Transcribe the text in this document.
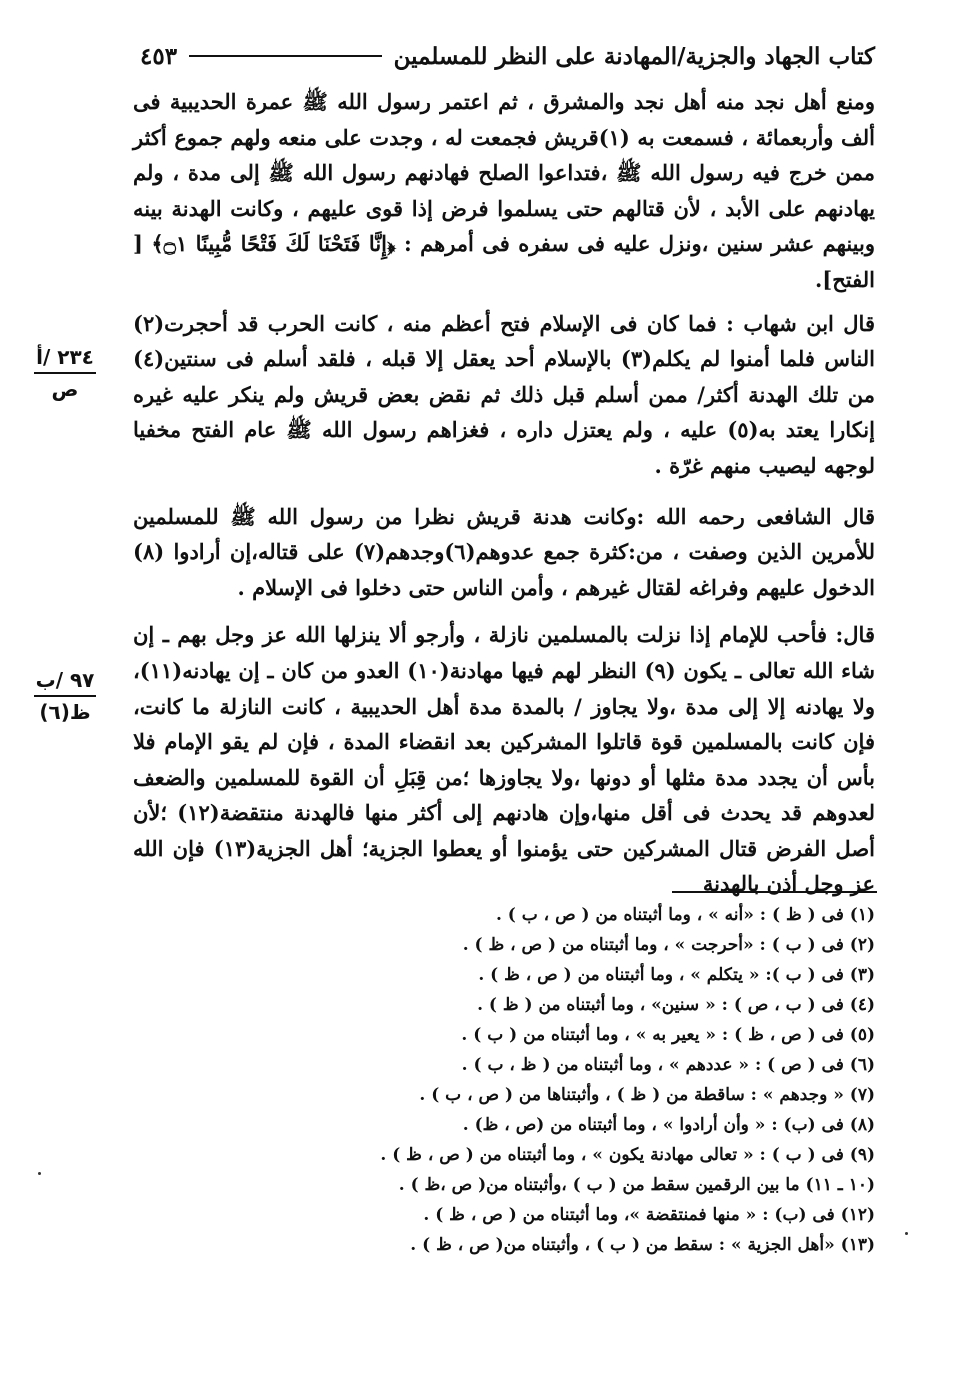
كتاب الجهاد والجزية/المهادنة على النظر للمسلمين
٤٥٣

ومنع أهل نجد منه أهل نجد والمشرق ، ثم اعتمر رسول الله ﷺ عمرة الحديبية فى ألف وأربعمائة ، فسمعت به (١)قريش فجمعت له ، وجدت على منعه ولهم جموع أكثر ممن خرج فيه رسول الله ﷺ ،فتداعوا الصلح فهادنهم رسول الله ﷺ إلى مدة ، ولم يهادنهم على الأبد ، لأن قتالهم حتى يسلموا فرض إذا قوى عليهم ، وكانت الهدنة بينه وبينهم عشر سنين ،ونزل عليه فى سفره فى أمرهم : ﴿إِنَّا فَتَحْنَا لَكَ فَتْحًا مُّبِينًا ۝١﴾ [ الفتح].

قال ابن شهاب : فما كان فى الإسلام فتح أعظم منه ، كانت الحرب قد أحجرت(٢) الناس فلما أمنوا لم يكلم(٣) بالإسلام أحد يعقل إلا قبله ، فلقد أسلم فى سنتين(٤) من تلك الهدنة أكثر/ ممن أسلم قبل ذلك ثم نقض بعض قريش ولم ينكر عليه غيره إنكارا يعتد به(٥) عليه ، ولم يعتزل داره ، فغزاهم رسول الله ﷺ عام الفتح مخفيا لوجهه ليصيب منهم غرّة .

قال الشافعى رحمه الله :وكانت هدنة قريش نظرا من رسول الله ﷺ للمسلمين للأمرين الذين وصفت ، من:كثرة جمع عدوهم(٦)وجدهم(٧) على قتاله،إن أرادوا (٨) الدخول عليهم وفراغه لقتال غيرهم ، وأمن الناس حتى دخلوا فى الإسلام .

قال: فأحب للإمام إذا نزلت بالمسلمين نازلة ، وأرجو ألا ينزلها الله عز وجل بهم ـ إن شاء الله تعالى ـ يكون (٩) النظر لهم فيها مهادنة(١٠) العدو من كان ـ إن يهادنه(١١)، ولا يهادنه إلا إلى مدة ،ولا يجاوز / بالمدة مدة أهل الحديبية ، كانت النازلة ما كانت، فإن كانت بالمسلمين قوة قاتلوا المشركين بعد انقضاء المدة ، فإن لم يقو الإمام فلا بأس أن يجدد مدة مثلها أو دونها ،ولا يجاوزها ؛من قِبَلِ أن القوة للمسلمين والضعف لعدوهم قد يحدث فى أقل منها،وإن هادنهم إلى أكثر منها فالهدنة منتقضة(١٢) ؛لأن أصل الفرض قتال المشركين حتى يؤمنوا أو يعطوا الجزية؛ أهل الجزية(١٣) فإن الله عز وجل أذن بالهدنة

٢٣٤ /أ
ص
٩٧ /ب
ظ(٦)
(١) فى ( ظ ) : «أنه » ، وما أثبتناه من ( ص ، ب ) .
(٢) فى ( ب ) : «أحرجت » ، وما أثبتناه من ( ص ، ظ ) .
(٣) فى ( ب ): « يتكلم » ، وما أثبتناه من ( ص ، ظ ) .
(٤) فى ( ب ، ص ) : « سنين» ، وما أثبتناه من ( ظ ) .
(٥) فى ( ص ، ظ ) : « يعير به » ، وما أثبتناه من ( ب ) .
(٦) فى ( ص ) : « عددهم » ، وما أثبتناه من ( ظ ، ب ) .
(٧) « وجدهم » : ساقطة من ( ظ ) ، وأثبتناها من ( ص ، ب ) .
(٨) فى (ب) : « وأن أرادوا » ، وما أثبتناه من (ص ، ظ) .
(٩) فى ( ب ) : « تعالى مهادنة يكون » ، وما أثبتناه من ( ص ، ظ ) .
(١٠ ـ ١١) ما بين الرقمين سقط من ( ب ) ،وأثبتناه من( ص ،ظ ) .
(١٢) فى (ب) : « منها فمنتقضة »، وما أثبتناه من ( ص ، ظ ) .
(١٣) «أهل الجزية » : سقط من ( ب ) ، وأثبتناه من( ص ، ظ ) .
